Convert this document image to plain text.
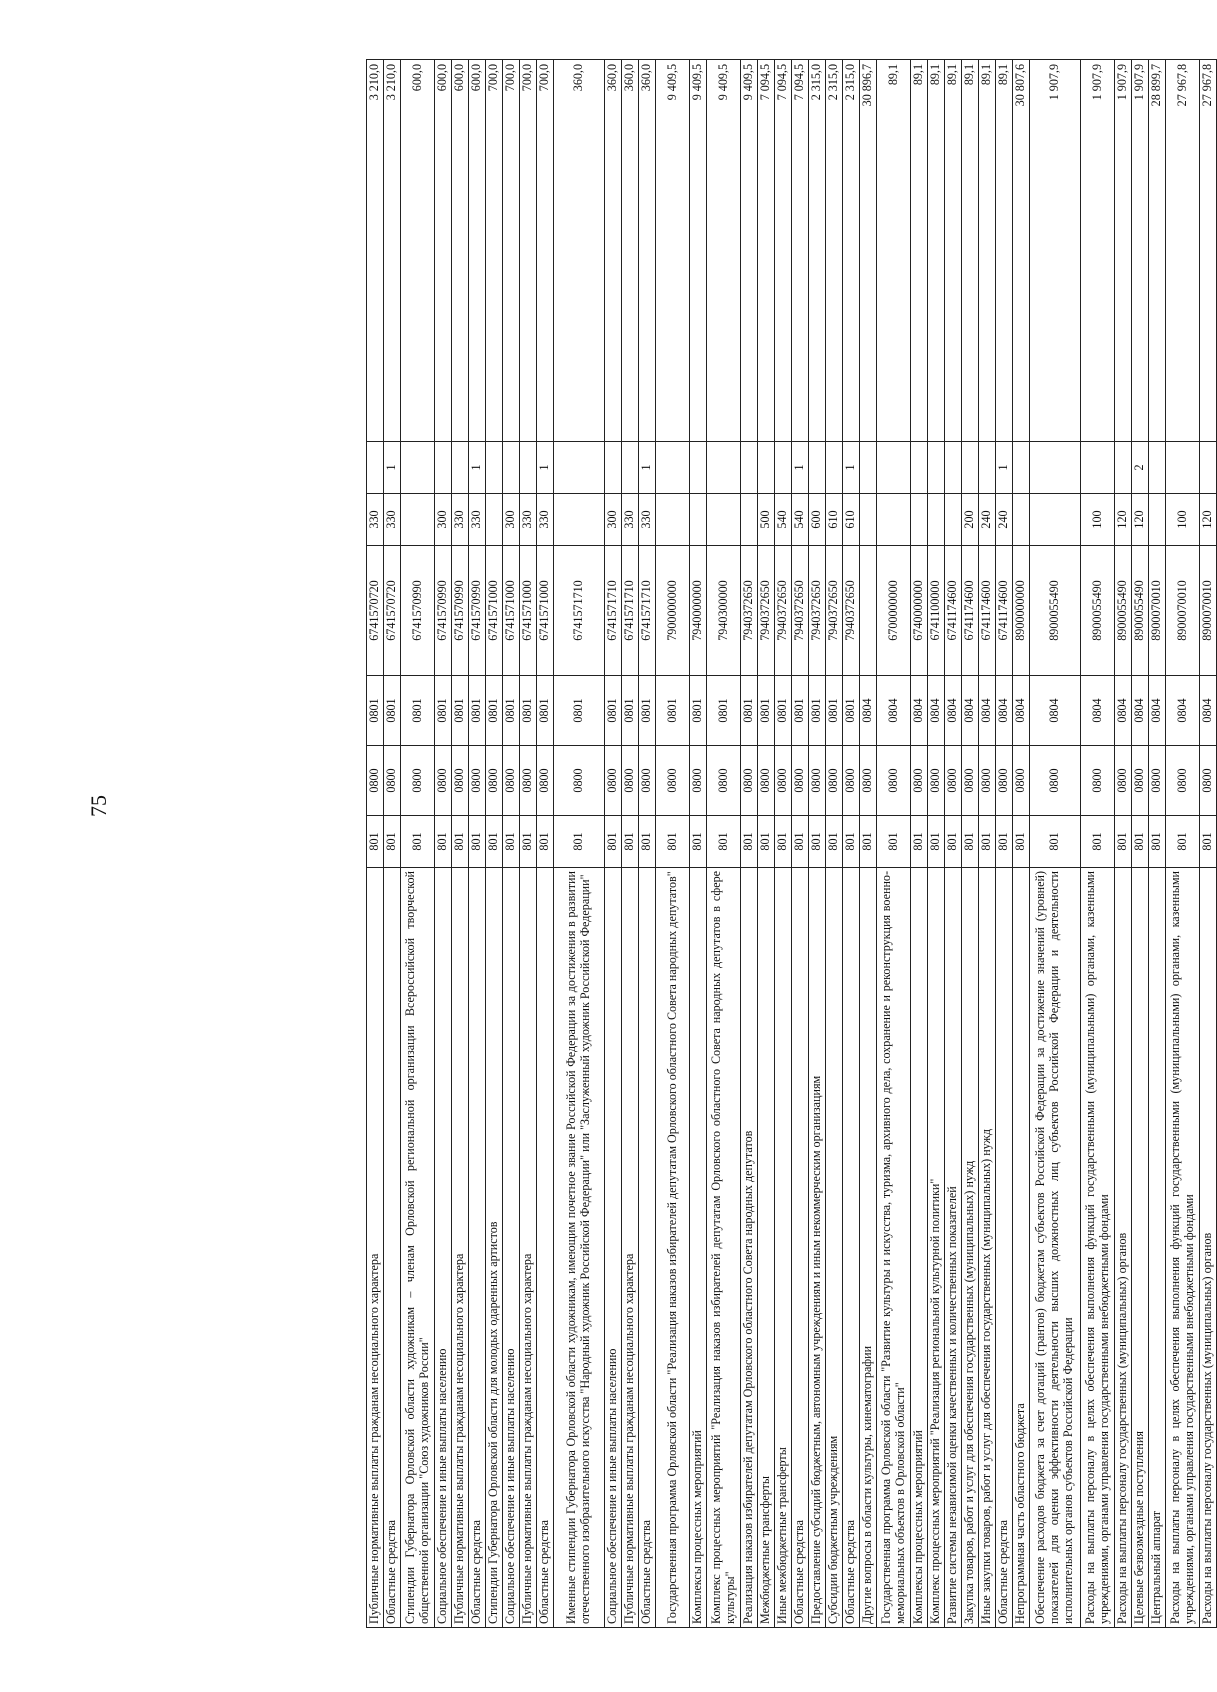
75
Публичные нормативные выплаты гражданам несоциального характера	801	0800	0801	6741570720	330		3 210,0
Областные средства	801	0800	0801	6741570720	330	1	3 210,0
Стипендии Губернатора Орловской области художникам – членам Орловской региональной организации Всероссийской творческой общественной организации "Союз художников России"	801	0800	0801	6741570990			600,0
Социальное обеспечение и иные выплаты населению	801	0800	0801	6741570990	300		600,0
Публичные нормативные выплаты гражданам несоциального характера	801	0800	0801	6741570990	330		600,0
Областные средства	801	0800	0801	6741570990	330	1	600,0
Стипендии Губернатора Орловской области для молодых одаренных артистов	801	0800	0801	6741571000			700,0
Социальное обеспечение и иные выплаты населению	801	0800	0801	6741571000	300		700,0
Публичные нормативные выплаты гражданам несоциального характера	801	0800	0801	6741571000	330		700,0
Областные средства	801	0800	0801	6741571000	330	1	700,0
Именные стипендии Губернатора Орловской области художникам, имеющим почетное звание Российской Федерации за достижения в развитии отечественного изобразительного искусства "Народный художник Российской Федерации" или "Заслуженный художник Российской Федерации"	801	0800	0801	6741571710			360,0
Социальное обеспечение и иные выплаты населению	801	0800	0801	6741571710	300		360,0
Публичные нормативные выплаты гражданам несоциального характера	801	0800	0801	6741571710	330		360,0
Областные средства	801	0800	0801	6741571710	330	1	360,0
Государственная программа Орловской области "Реализация наказов избирателей депутатам Орловского областного Совета народных депутатов"	801	0800	0801	7900000000			9 409,5
Комплексы процессных мероприятий	801	0800	0801	7940000000			9 409,5
Комплекс процессных мероприятий "Реализация наказов избирателей депутатам Орловского областного Совета народных депутатов в сфере культуры"	801	0800	0801	7940300000			9 409,5
Реализация наказов избирателей депутатам Орловского областного Совета народных депутатов	801	0800	0801	7940372650			9 409,5
Межбюджетные трансферты	801	0800	0801	7940372650	500		7 094,5
Иные межбюджетные трансферты	801	0800	0801	7940372650	540		7 094,5
Областные средства	801	0800	0801	7940372650	540	1	7 094,5
Предоставление субсидий бюджетным, автономным учреждениям и иным некоммерческим организациям	801	0800	0801	7940372650	600		2 315,0
Субсидии бюджетным учреждениям	801	0800	0801	7940372650	610		2 315,0
Областные средства	801	0800	0801	7940372650	610	1	2 315,0
Другие вопросы в области культуры, кинематографии	801	0800	0804				30 896,7
Государственная программа Орловской области "Развитие культуры и искусства, туризма, архивного дела, сохранение и реконструкция военно-мемориальных объектов в Орловской области"	801	0800	0804	6700000000			89,1
Комплексы процессных мероприятий	801	0800	0804	6740000000			89,1
Комплекс процессных мероприятий "Реализация региональной культурной политики"	801	0800	0804	6741100000			89,1
Развитие системы независимой оценки качественных и количественных показателей	801	0800	0804	6741174600			89,1
Закупка товаров, работ и услуг для обеспечения государственных (муниципальных) нужд	801	0800	0804	6741174600	200		89,1
Иные закупки товаров, работ и услуг для обеспечения государственных (муниципальных) нужд	801	0800	0804	6741174600	240		89,1
Областные средства	801	0800	0804	6741174600	240	1	89,1
Непрограммная часть областного бюджета	801	0800	0804	8900000000			30 807,6
Обеспечение расходов бюджета за счет дотаций (грантов) бюджетам субъектов Российской Федерации за достижение значений (уровней) показателей для оценки эффективности деятельности высших должностных лиц субъектов Российской Федерации и деятельности исполнительных органов субъектов Российской Федерации	801	0800	0804	8900055490			1 907,9
Расходы на выплаты персоналу в целях обеспечения выполнения функций государственными (муниципальными) органами, казенными учреждениями, органами управления государственными внебюджетными фондами	801	0800	0804	8900055490	100		1 907,9
Расходы на выплаты персоналу государственных (муниципальных) органов	801	0800	0804	8900055490	120		1 907,9
Целевые безвозмездные поступления	801	0800	0804	8900055490	120	2	1 907,9
Центральный аппарат	801	0800	0804	8900070010			28 899,7
Расходы на выплаты персоналу в целях обеспечения выполнения функций государственными (муниципальными) органами, казенными учреждениями, органами управления государственными внебюджетными фондами	801	0800	0804	8900070010	100		27 967,8
Расходы на выплаты персоналу государственных (муниципальных) органов	801	0800	0804	8900070010	120		27 967,8
